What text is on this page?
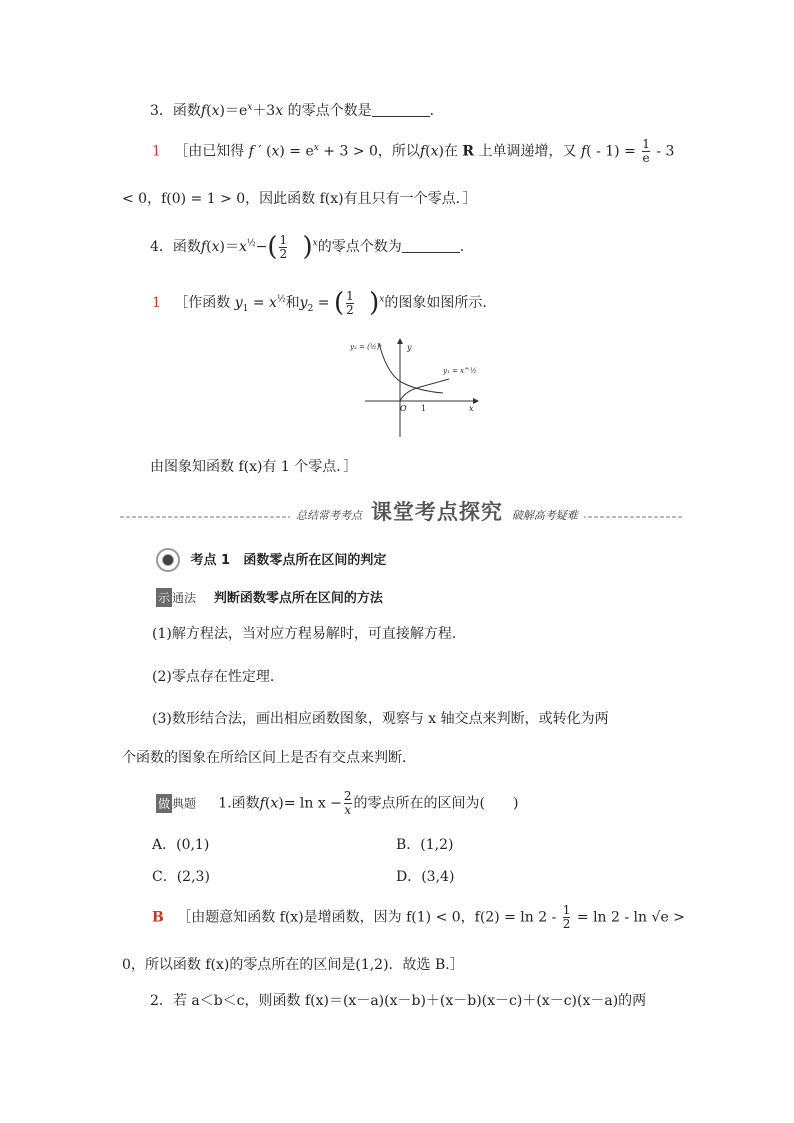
3．函数$f(x)=e^x+3x$ 的零点个数是	．
1 ［由已知得 f ′ $(x) = e^x + 3 > 0$，所以f(x)在 R 上单调递增，又 $f( - 1) = \frac{1}{e} - 3$
< 0，f(0) = 1 > 0，因此函数 f(x)有且只有一个零点．］
4．函数$f(x)=x^{\frac{1}{2}}-( \frac{1}{2} )^x$的零点个数为	．
1 ［作函数 $y_1 = x^{\frac{1}{2}}$和$y_2$ = ( $\frac{1}{2} )^x$的图象如图所示．
y₂ = (½)ˣ
y₁ = x^½
y
x
O 1
由图象知函数 f(x)有 1 个零点．］
总结常考考点 课堂考点探究 破解高考疑难
考点 1 函数零点所在区间的判定
示 通法 判断函数零点所在区间的方法
(1)解方程法，当对应方程易解时，可直接解方程．
(2)零点存在性定理．
(3)数形结合法，画出相应函数图象，观察与 x 轴交点来判断，或转化为两
个函数的图象在所给区间上是否有交点来判断．
做 典题 1.函数$f(x)= \ln x - \frac{2}{x}$ 的零点所在的区间为(　　)
A．(0,1)	B．(1,2)
C．(2,3)	D．(3,4)
B ［由题意知函数 f(x)是增函数，因为 f(1) < 0，$f(2) = \ln 2 - \frac{1}{2} = \ln 2 - \ln √e$ >
0，所以函数 f(x)的零点所在的区间是(1,2)．故选 B.］
2．若 a＜b＜c，则函数 f(x)＝(x－a)(x－b)＋(x－b)(x－c)＋(x－c)(x－a)的两
